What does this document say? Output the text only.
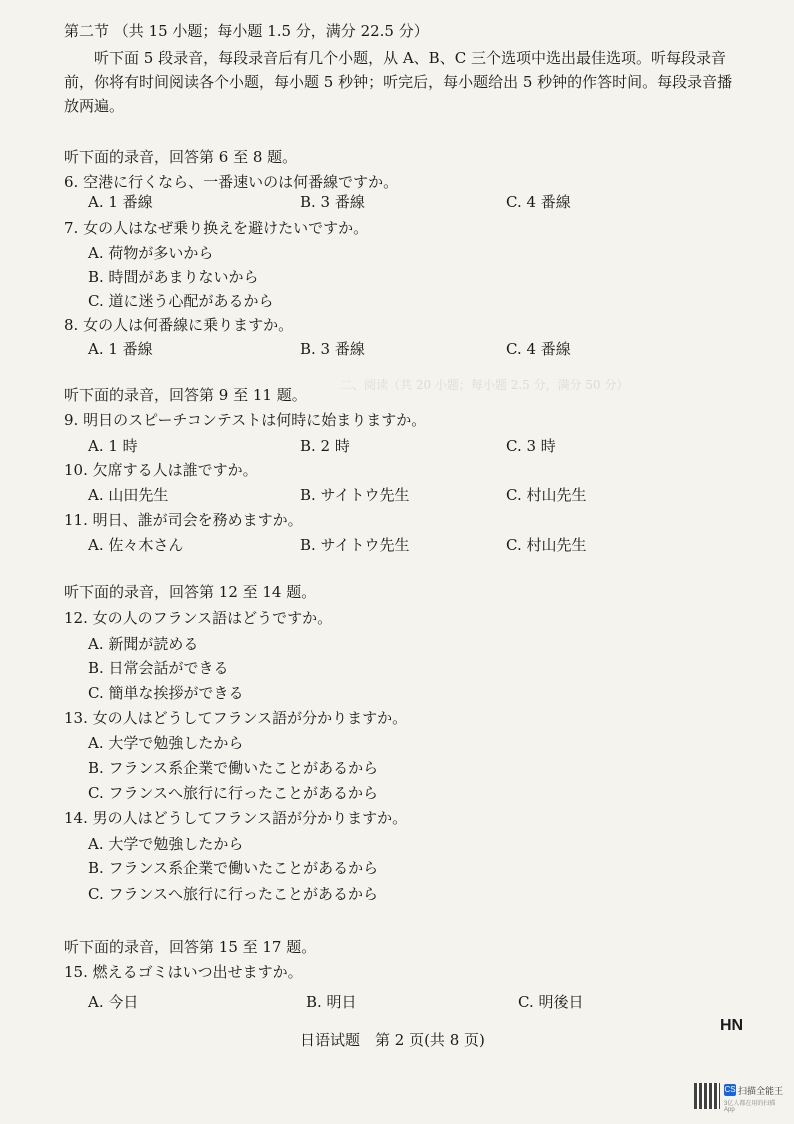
二、阅读（共 20 小题；每小题 2.5 分，满分 50 分）
第二节 （共 15 小题；每小题 1.5 分，满分 22.5 分）
听下面 5 段录音，每段录音后有几个小题，从 A、B、C 三个选项中选出最佳选项。听每段录音前，你将有时间阅读各个小题，每小题 5 秒钟；听完后，每小题给出 5 秒钟的作答时间。每段录音播放两遍。
听下面的录音，回答第 6 至 8 题。
6. 空港に行くなら、一番速いのは何番線ですか。
A. 1 番線	B. 3 番線	C. 4 番線
7. 女の人はなぜ乗り换えを避けたいですか。
A. 荷物が多いから
B. 時間があまりないから
C. 道に迷う心配があるから
8. 女の人は何番線に乗りますか。
A. 1 番線	B. 3 番線	C. 4 番線
听下面的录音，回答第 9 至 11 题。
9. 明日のスピーチコンテストは何時に始まりますか。
A. 1 時	B. 2 時	C. 3 時
10. 欠席する人は誰ですか。
A. 山田先生	B. サイトウ先生	C. 村山先生
11. 明日、誰が司会を務めますか。
A. 佐々木さん	B. サイトウ先生	C. 村山先生
听下面的录音，回答第 12 至 14 题。
12. 女の人のフランス語はどうですか。
A. 新聞が読める
B. 日常会話ができる
C. 簡単な挨拶ができる
13. 女の人はどうしてフランス語が分かりますか。
A. 大学で勉強したから
B. フランス系企業で働いたことがあるから
C. フランスへ旅行に行ったことがあるから
14. 男の人はどうしてフランス語が分かりますか。
A. 大学で勉強したから
B. フランス系企業で働いたことがあるから
C. フランスへ旅行に行ったことがあるから
听下面的录音，回答第 15 至 17 题。
15. 燃えるゴミはいつ出せますか。
A. 今日	B. 明日	C. 明後日
HN
日语试题　第 2 页(共 8 页)
CS 扫描全能王
3亿人都在用的扫描App
